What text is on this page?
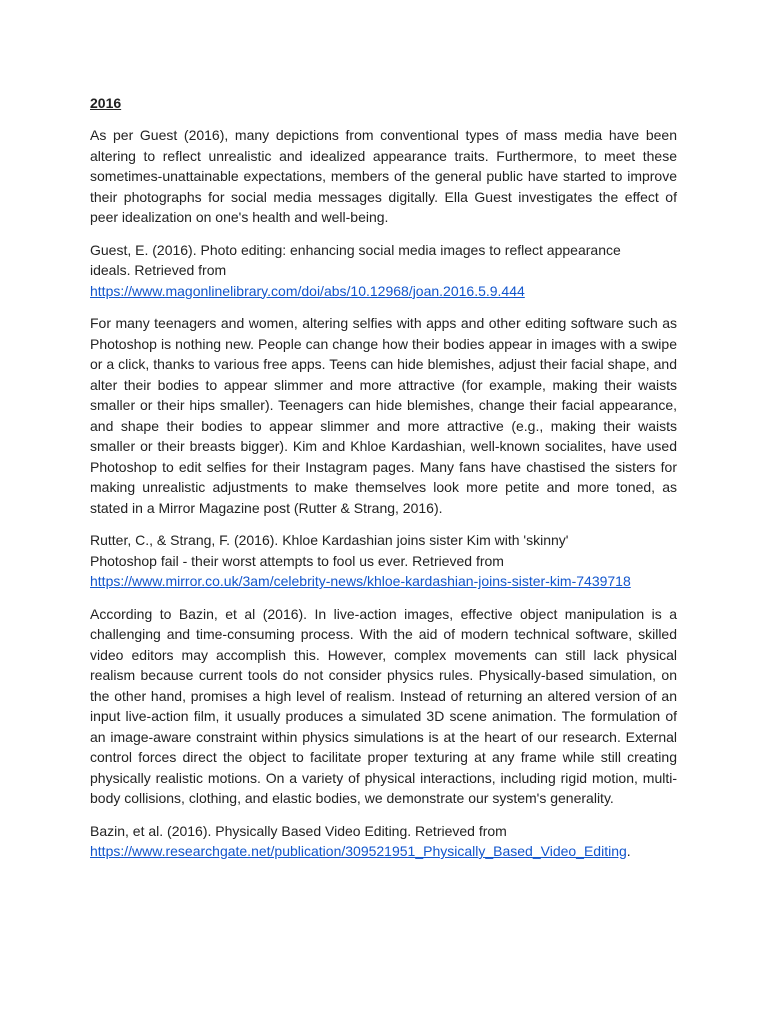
2016

As per Guest (2016), many depictions from conventional types of mass media have been altering to reflect unrealistic and idealized appearance traits. Furthermore, to meet these sometimes-unattainable expectations, members of the general public have started to improve their photographs for social media messages digitally. Ella Guest investigates the effect of peer idealization on one's health and well-being.

Guest, E. (2016). Photo editing: enhancing social media images to reflect appearance
ideals. Retrieved from
https://www.magonlinelibrary.com/doi/abs/10.12968/joan.2016.5.9.444

For many teenagers and women, altering selfies with apps and other editing software such as Photoshop is nothing new. People can change how their bodies appear in images with a swipe or a click, thanks to various free apps. Teens can hide blemishes, adjust their facial shape, and alter their bodies to appear slimmer and more attractive (for example, making their waists smaller or their hips smaller). Teenagers can hide blemishes, change their facial appearance, and shape their bodies to appear slimmer and more attractive (e.g., making their waists smaller or their breasts bigger). Kim and Khloe Kardashian, well-known socialites, have used Photoshop to edit selfies for their Instagram pages. Many fans have chastised the sisters for making unrealistic adjustments to make themselves look more petite and more toned, as stated in a Mirror Magazine post (Rutter & Strang, 2016).

Rutter, C., & Strang, F. (2016). Khloe Kardashian joins sister Kim with 'skinny'
Photoshop fail - their worst attempts to fool us ever. Retrieved from
https://www.mirror.co.uk/3am/celebrity-news/khloe-kardashian-joins-sister-kim-7439718

According to Bazin, et al (2016). In live-action images, effective object manipulation is a challenging and time-consuming process. With the aid of modern technical software, skilled video editors may accomplish this. However, complex movements can still lack physical realism because current tools do not consider physics rules. Physically-based simulation, on the other hand, promises a high level of realism. Instead of returning an altered version of an input live-action film, it usually produces a simulated 3D scene animation. The formulation of an image-aware constraint within physics simulations is at the heart of our research. External control forces direct the object to facilitate proper texturing at any frame while still creating physically realistic motions. On a variety of physical interactions, including rigid motion, multi-body collisions, clothing, and elastic bodies, we demonstrate our system's generality.

Bazin, et al. (2016). Physically Based Video Editing. Retrieved from
https://www.researchgate.net/publication/309521951_Physically_Based_Video_Editing.
